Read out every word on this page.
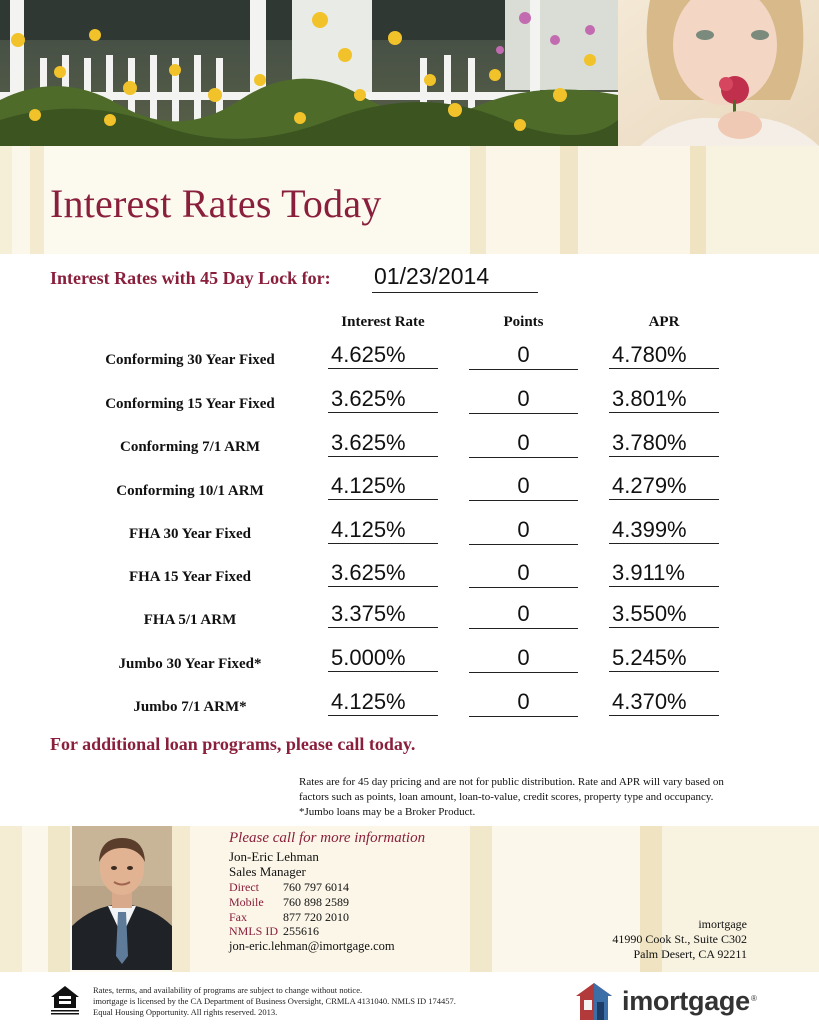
Interest Rates Today
Interest Rates with 45 Day Lock for: 01/23/2014
Interest Rate	Points	APR
Conforming 30 Year Fixed	4.625%	0	4.780%
Conforming 15 Year Fixed	3.625%	0	3.801%
Conforming 7/1 ARM	3.625%	0	3.780%
Conforming 10/1 ARM	4.125%	0	4.279%
FHA 30 Year Fixed	4.125%	0	4.399%
FHA 15 Year Fixed	3.625%	0	3.911%
FHA 5/1 ARM	3.375%	0	3.550%
Jumbo 30 Year Fixed*	5.000%	0	5.245%
Jumbo 7/1 ARM*	4.125%	0	4.370%
For additional loan programs, please call today.
Rates are for 45 day pricing and are not for public distribution. Rate and APR will vary based on
factors such as points, loan amount, loan-to-value, credit scores, property type and occupancy.
*Jumbo loans may be a Broker Product.
Please call for more information
Jon-Eric Lehman
Sales Manager
Direct 760 797 6014
Mobile 760 898 2589
Fax	877 720 2010
NMLS ID 255616
jon-eric.lehman@imortgage.com
imortgage
41990 Cook St., Suite C302
Palm Desert, CA 92211
Rates, terms, and availability of programs are subject to change without notice.
imortgage is licensed by the CA Department of Business Oversight, CRMLA 4131040. NMLS ID 174457.
Equal Housing Opportunity. All rights reserved. 2013.	imortgage ®
